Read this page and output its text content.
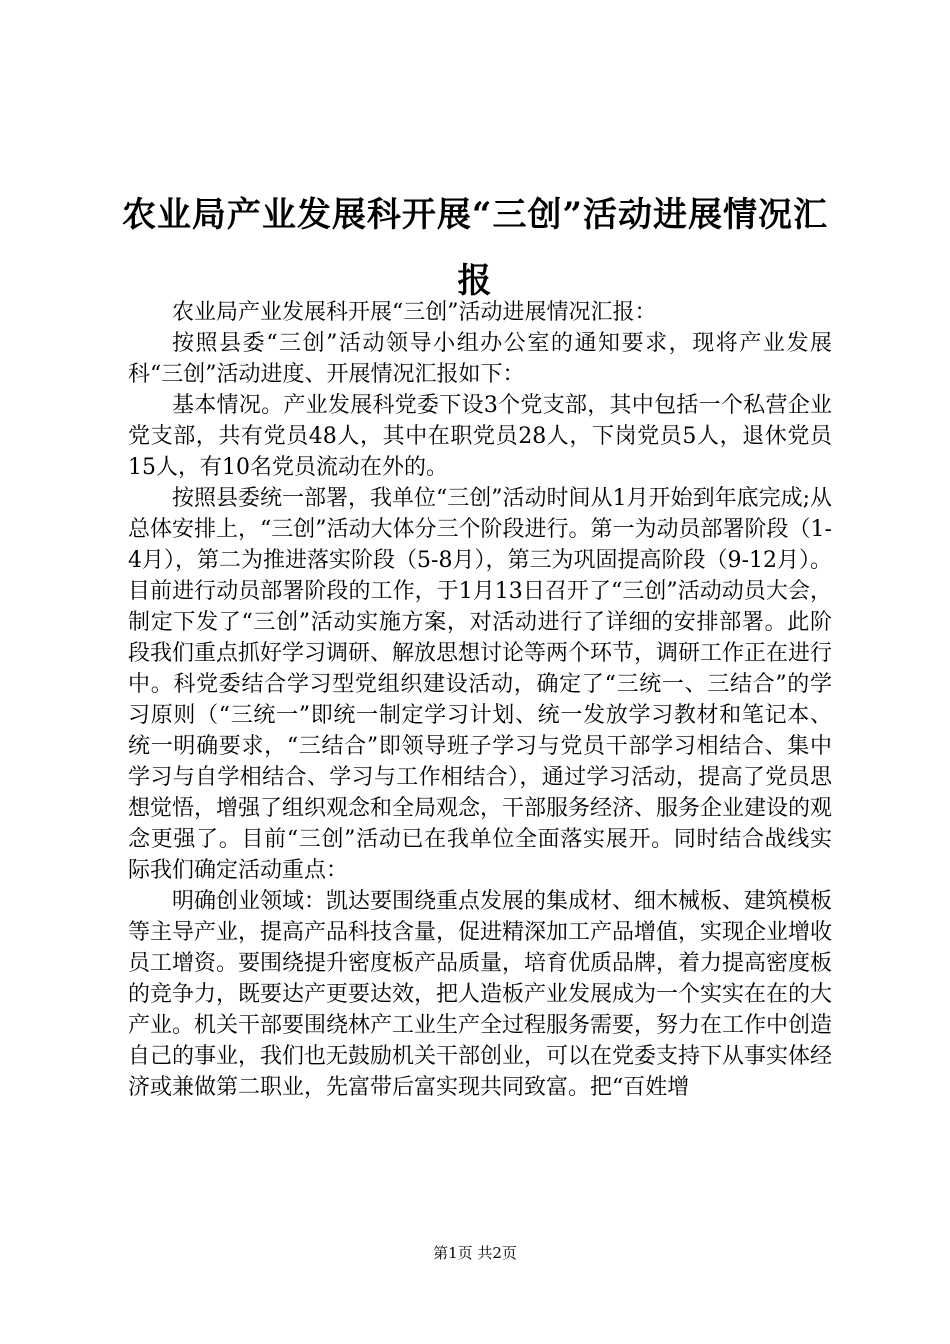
农业局产业发展科开展“三创”活动进展情况汇报

农业局产业发展科开展“三创”活动进展情况汇报：

按照县委“三创”活动领导小组办公室的通知要求，现将产业发展科“三创”活动进度、开展情况汇报如下：

基本情况。产业发展科党委下设3个党支部，其中包括一个私营企业党支部，共有党员48人，其中在职党员28人，下岗党员5人，退休党员15人，有10名党员流动在外的。

按照县委统一部署，我单位“三创”活动时间从1月开始到年底完成;从总体安排上，“三创”活动大体分三个阶段进行。第一为动员部署阶段（1-4月），第二为推进落实阶段（5-8月），第三为巩固提高阶段（9-12月）。目前进行动员部署阶段的工作，于1月13日召开了“三创”活动动员大会，制定下发了“三创”活动实施方案，对活动进行了详细的安排部署。此阶段我们重点抓好学习调研、解放思想讨论等两个环节，调研工作正在进行中。科党委结合学习型党组织建设活动，确定了“三统一、三结合”的学习原则（“三统一”即统一制定学习计划、统一发放学习教材和笔记本、统一明确要求，“三结合”即领导班子学习与党员干部学习相结合、集中学习与自学相结合、学习与工作相结合），通过学习活动，提高了党员思想觉悟，增强了组织观念和全局观念，干部服务经济、服务企业建设的观念更强了。目前“三创”活动已在我单位全面落实展开。同时结合战线实际我们确定活动重点：

明确创业领域：凯达要围绕重点发展的集成材、细木械板、建筑模板等主导产业，提高产品科技含量，促进精深加工产品增值，实现企业增收员工增资。要围绕提升密度板产品质量，培育优质品牌，着力提高密度板的竞争力，既要达产更要达效，把人造板产业发展成为一个实实在在的大产业。机关干部要围绕林产工业生产全过程服务需要，努力在工作中创造自己的事业，我们也无鼓励机关干部创业，可以在党委支持下从事实体经济或兼做第二职业，先富带后富实现共同致富。把“百姓增

第1页 共2页
